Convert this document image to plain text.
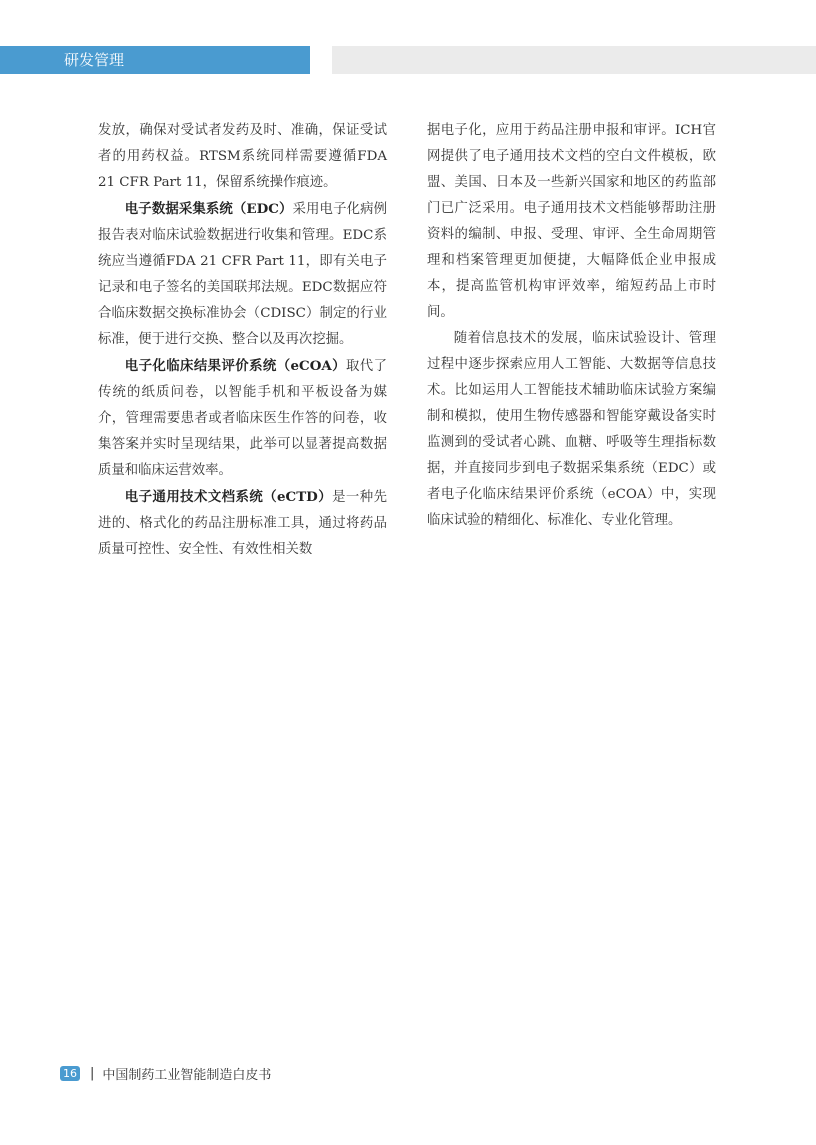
研发管理

发放，确保对受试者发药及时、准确，保证受试者的用药权益。RTSM系统同样需要遵循FDA 21 CFR Part 11，保留系统操作痕迹。

电子数据采集系统（EDC）采用电子化病例报告表对临床试验数据进行收集和管理。EDC系统应当遵循FDA 21 CFR Part 11，即有关电子记录和电子签名的美国联邦法规。EDC数据应符合临床数据交换标准协会（CDISC）制定的行业标准，便于进行交换、整合以及再次挖掘。

电子化临床结果评价系统（eCOA）取代了传统的纸质问卷，以智能手机和平板设备为媒介，管理需要患者或者临床医生作答的问卷，收集答案并实时呈现结果，此举可以显著提高数据质量和临床运营效率。

电子通用技术文档系统（eCTD）是一种先进的、格式化的药品注册标准工具，通过将药品质量可控性、安全性、有效性相关数

据电子化，应用于药品注册申报和审评。ICH官网提供了电子通用技术文档的空白文件模板，欧盟、美国、日本及一些新兴国家和地区的药监部门已广泛采用。电子通用技术文档能够帮助注册资料的编制、申报、受理、审评、全生命周期管理和档案管理更加便捷，大幅降低企业申报成本，提高监管机构审评效率，缩短药品上市时间。

随着信息技术的发展，临床试验设计、管理过程中逐步探索应用人工智能、大数据等信息技术。比如运用人工智能技术辅助临床试验方案编制和模拟，使用生物传感器和智能穿戴设备实时监测到的受试者心跳、血糖、呼吸等生理指标数据，并直接同步到电子数据采集系统（EDC）或者电子化临床结果评价系统（eCOA）中，实现临床试验的精细化、标准化、专业化管理。

16 | 中国制药工业智能制造白皮书
